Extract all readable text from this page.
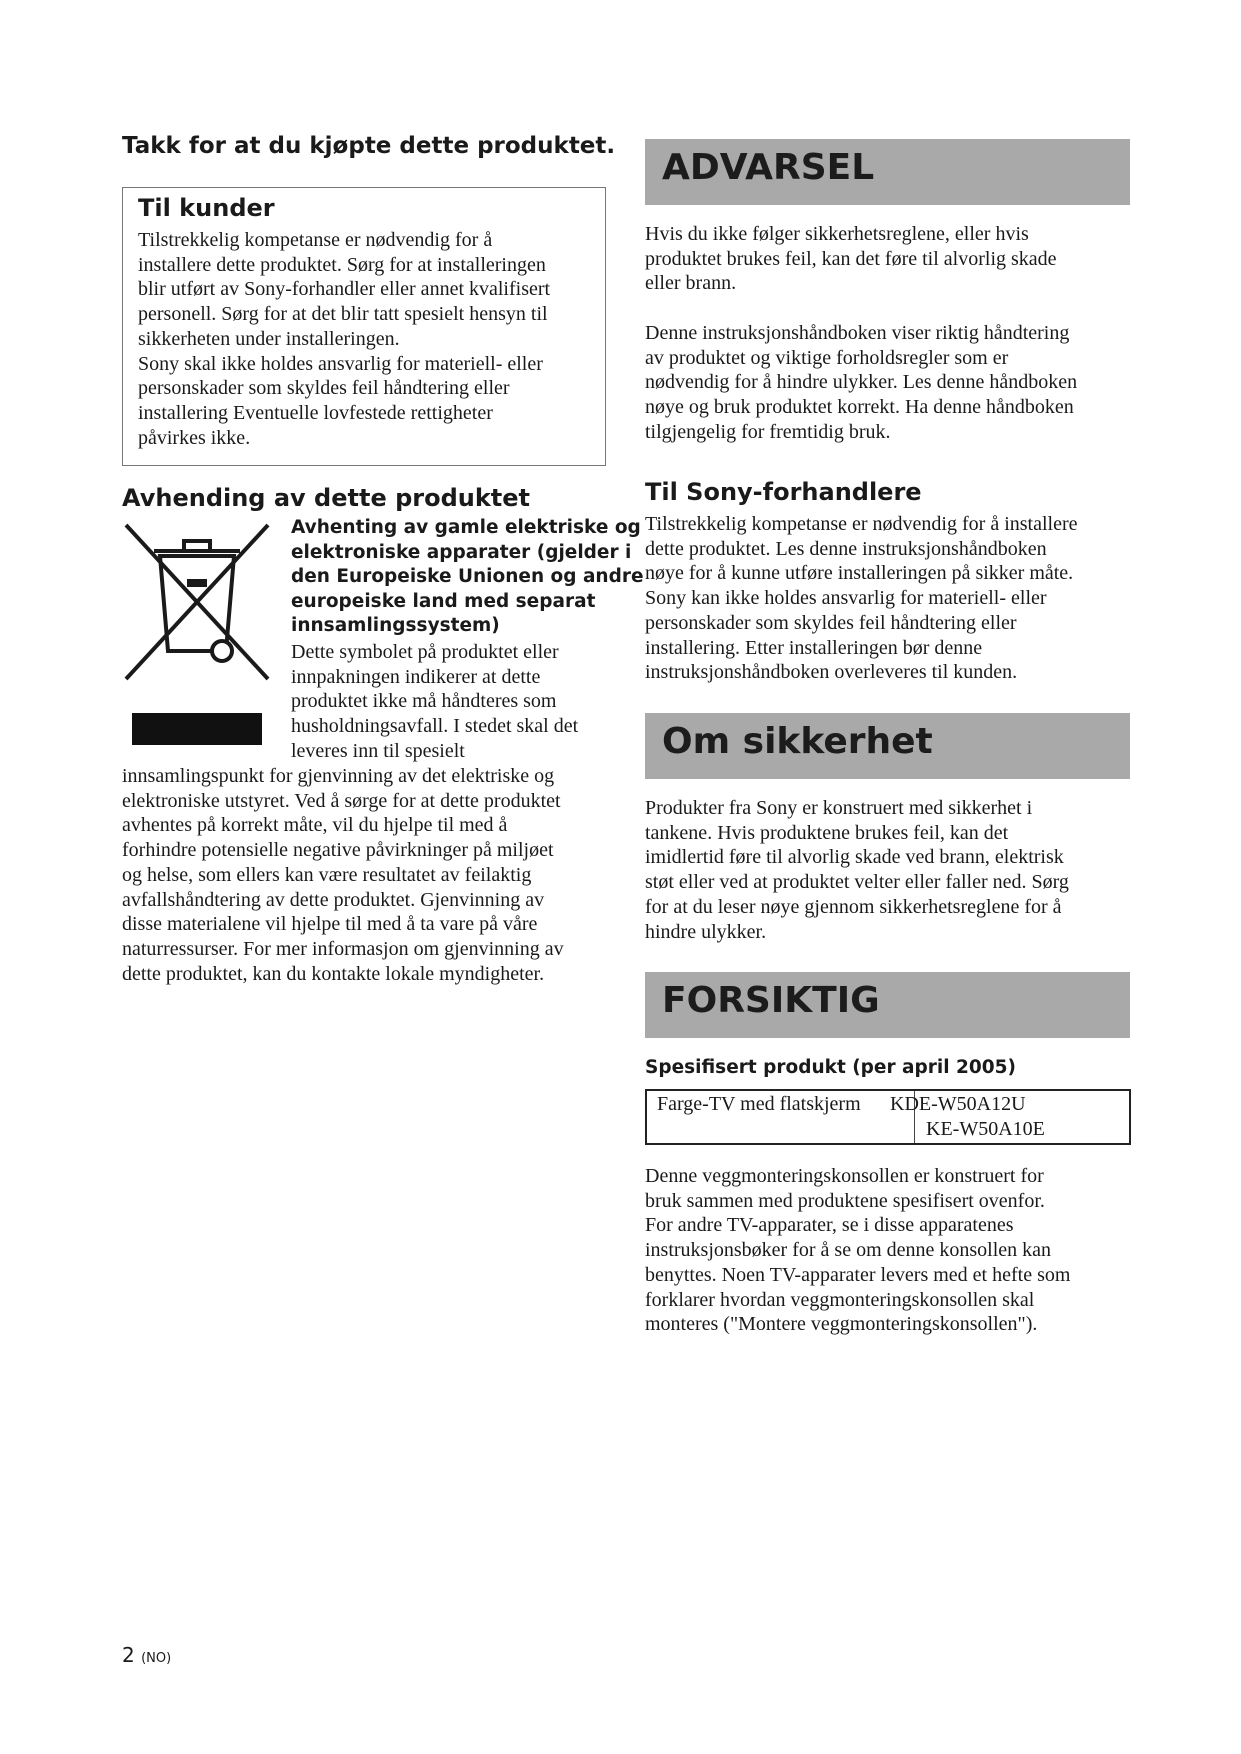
Takk for at du kjøpte dette produktet.
Til kunder
Tilstrekkelig kompetanse er nødvendig for å
installere dette produktet. Sørg for at installeringen
blir utført av Sony-forhandler eller annet kvalifisert
personell. Sørg for at det blir tatt spesielt hensyn til
sikkerheten under installeringen.
Sony skal ikke holdes ansvarlig for materiell- eller
personskader som skyldes feil håndtering eller
installering Eventuelle lovfestede rettigheter
påvirkes ikke.
Avhending av dette produktet
Avhenting av gamle elektriske og
elektroniske apparater (gjelder i
den Europeiske Unionen og andre
europeiske land med separat
innsamlingssystem)
Dette symbolet på produktet eller
innpakningen indikerer at dette
produktet ikke må håndteres som
husholdningsavfall. I stedet skal det
leveres inn til spesielt
innsamlingspunkt for gjenvinning av det elektriske og
elektroniske utstyret. Ved å sørge for at dette produktet
avhentes på korrekt måte, vil du hjelpe til med å
forhindre potensielle negative påvirkninger på miljøet
og helse, som ellers kan være resultatet av feilaktig
avfallshåndtering av dette produktet. Gjenvinning av
disse materialene vil hjelpe til med å ta vare på våre
naturressurser. For mer informasjon om gjenvinning av
dette produktet, kan du kontakte lokale myndigheter.
ADVARSEL
Hvis du ikke følger sikkerhetsreglene, eller hvis
produktet brukes feil, kan det føre til alvorlig skade
eller brann.
Denne instruksjonshåndboken viser riktig håndtering
av produktet og viktige forholdsregler som er
nødvendig for å hindre ulykker. Les denne håndboken
nøye og bruk produktet korrekt. Ha denne håndboken
tilgjengelig for fremtidig bruk.
Til Sony-forhandlere
Tilstrekkelig kompetanse er nødvendig for å installere
dette produktet. Les denne instruksjonshåndboken
nøye for å kunne utføre installeringen på sikker måte.
Sony kan ikke holdes ansvarlig for materiell- eller
personskader som skyldes feil håndtering eller
installering. Etter installeringen bør denne
instruksjonshåndboken overleveres til kunden.
Om sikkerhet
Produkter fra Sony er konstruert med sikkerhet i
tankene. Hvis produktene brukes feil, kan det
imidlertid føre til alvorlig skade ved brann, elektrisk
støt eller ved at produktet velter eller faller ned. Sørg
for at du leser nøye gjennom sikkerhetsreglene for å
hindre ulykker.
FORSIKTIG
Spesifisert produkt (per april 2005)
Farge-TV med flatskjerm KDE-W50A12U
KE-W50A10E
Denne veggmonteringskonsollen er konstruert for
bruk sammen med produktene spesifisert ovenfor.
For andre TV-apparater, se i disse apparatenes
instruksjonsbøker for å se om denne konsollen kan
benyttes. Noen TV-apparater levers med et hefte som
forklarer hvordan veggmonteringskonsollen skal
monteres ("Montere veggmonteringskonsollen").
2 (NO)
